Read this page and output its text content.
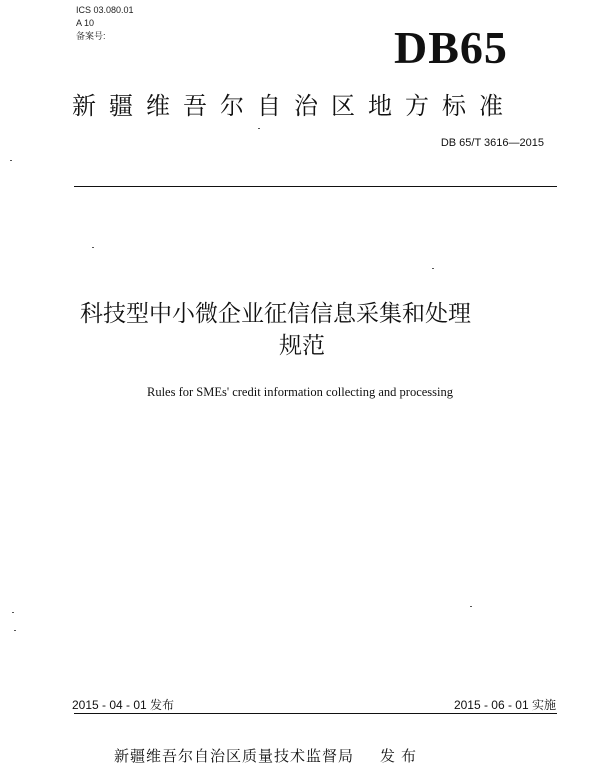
ICS 03.080.01
A 10
备案号:	DB65
新疆维吾尔自治区地方标准
DB 65/T 3616—2015
科技型中小微企业征信信息采集和处理
规范
Rules for SMEs' credit information collecting and processing
2015 - 04 - 01 发布	2015 - 06 - 01 实施
新疆维吾尔自治区质量技术监督局 发布
